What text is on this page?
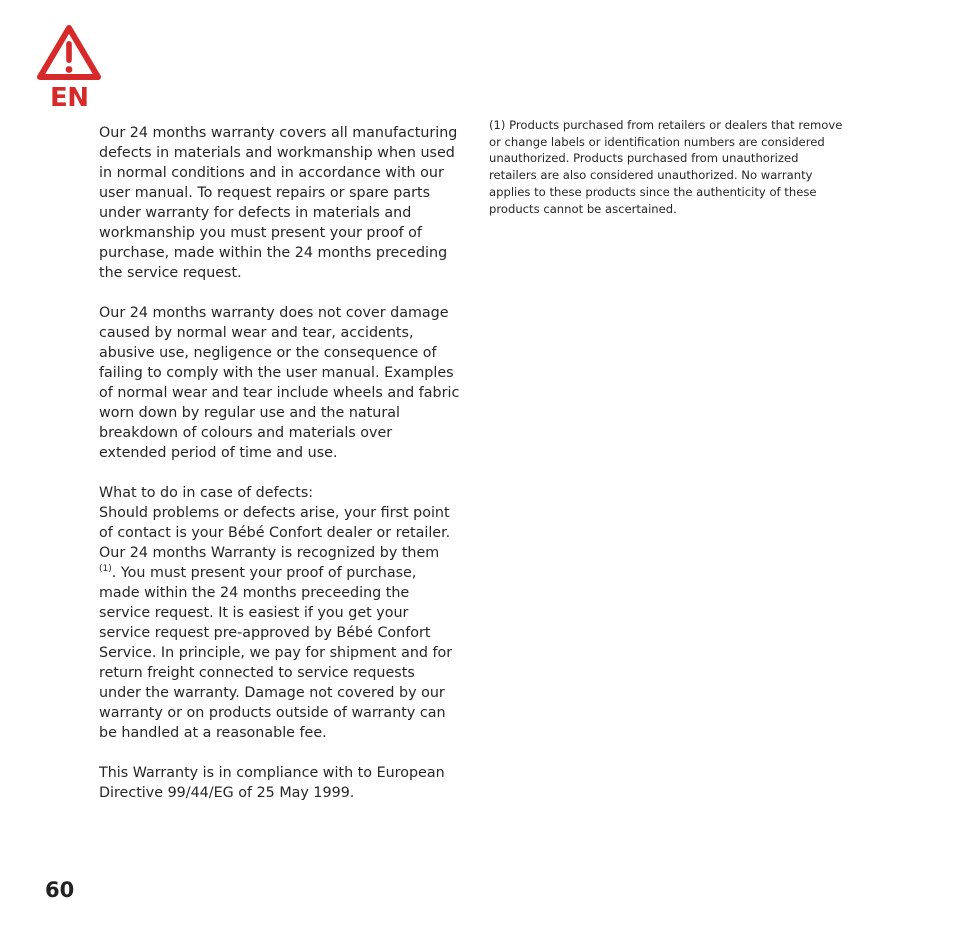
EN

Our 24 months warranty covers all manufacturing defects in materials and workmanship when used in normal conditions and in accordance with our user manual. To request repairs or spare parts under warranty for defects in materials and workmanship you must present your proof of purchase, made within the 24 months preceding the service request.

Our 24 months warranty does not cover damage caused by normal wear and tear, accidents, abusive use, negligence or the consequence of failing to comply with the user manual. Examples of normal wear and tear include wheels and fabric worn down by regular use and the natural breakdown of colours and materials over extended period of time and use.

What to do in case of defects:
Should problems or defects arise, your first point of contact is your Bébé Confort dealer or retailer. Our 24 months Warranty is recognized by them $^{(1)}$. You must present your proof of purchase, made within the 24 months preceeding the service request. It is easiest if you get your service request pre-approved by Bébé Confort Service. In principle, we pay for shipment and for return freight connected to service requests under the warranty. Damage not covered by our warranty or on products outside of warranty can be handled at a reasonable fee.

This Warranty is in compliance with to European Directive 99/44/EG of 25 May 1999.

(1) Products purchased from retailers or dealers that remove or change labels or identification numbers are considered unauthorized. Products purchased from unauthorized retailers are also considered unauthorized. No warranty applies to these products since the authenticity of these products cannot be ascertained.

60
